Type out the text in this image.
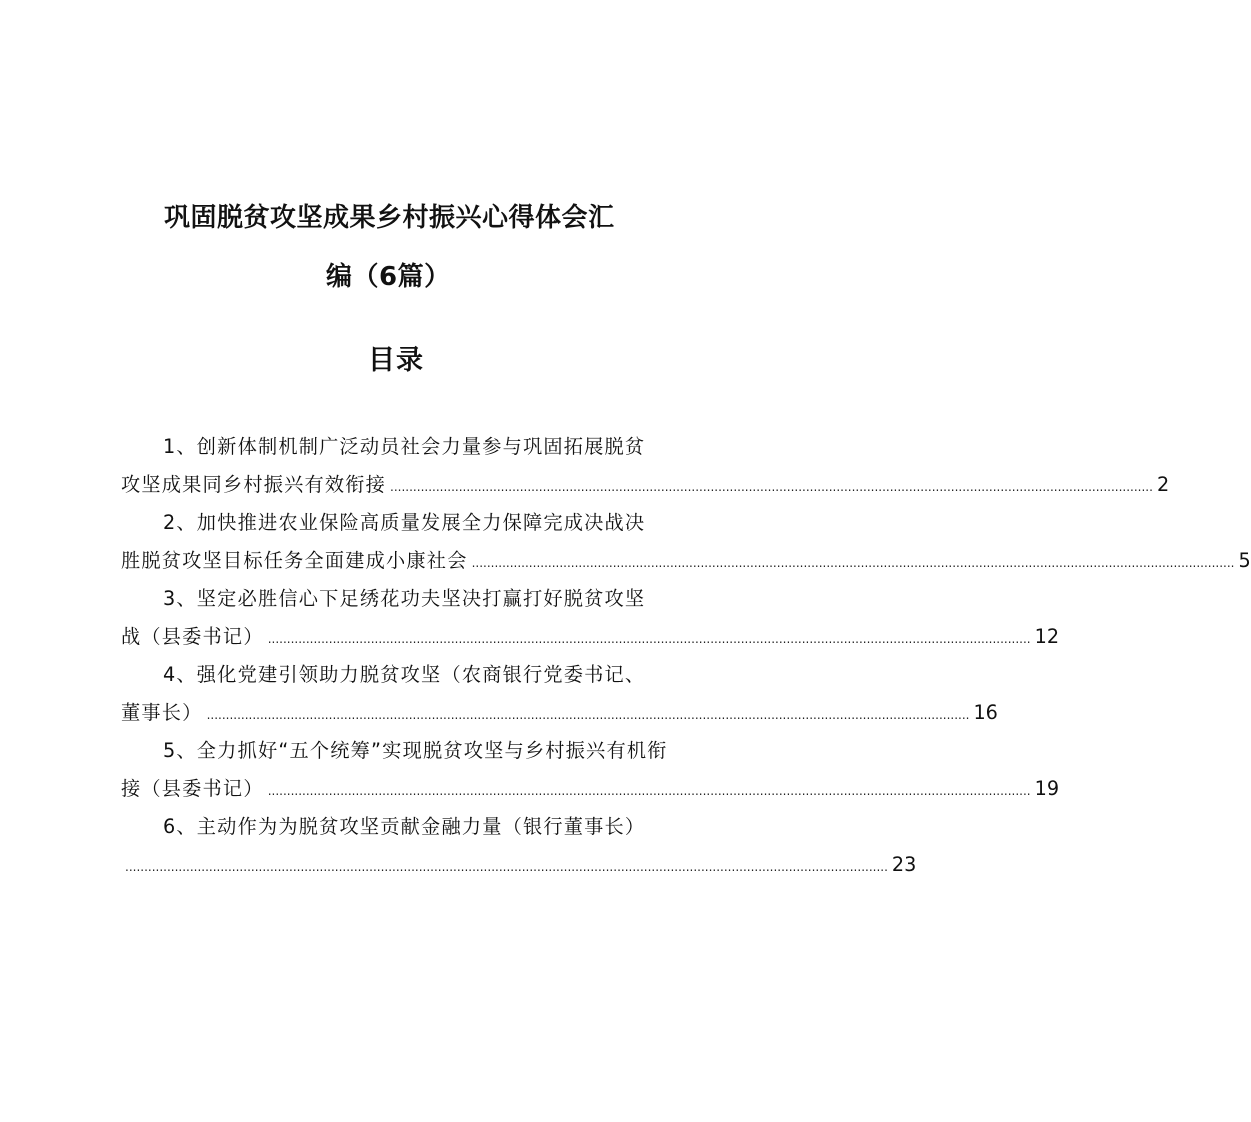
巩固脱贫攻坚成果乡村振兴心得体会汇
编（6篇）
目录
1、创新体制机制广泛动员社会力量参与巩固拓展脱贫
攻坚成果同乡村振兴有效衔接 ........................................................................................................................................................................................................ 2
2、加快推进农业保险高质量发展全力保障完成决战决
胜脱贫攻坚目标任务全面建成小康社会 ........................................................................................................................................................................................................ 5
3、坚定必胜信心下足绣花功夫坚决打赢打好脱贫攻坚
战（县委书记） ........................................................................................................................................................................................................ 12
4、强化党建引领助力脱贫攻坚（农商银行党委书记、
董事长） ........................................................................................................................................................................................................ 16
5、全力抓好“五个统筹”实现脱贫攻坚与乡村振兴有机衔
接（县委书记） ........................................................................................................................................................................................................ 19
6、主动作为为脱贫攻坚贡献金融力量（银行董事长）
........................................................................................................................................................................................................ 23
